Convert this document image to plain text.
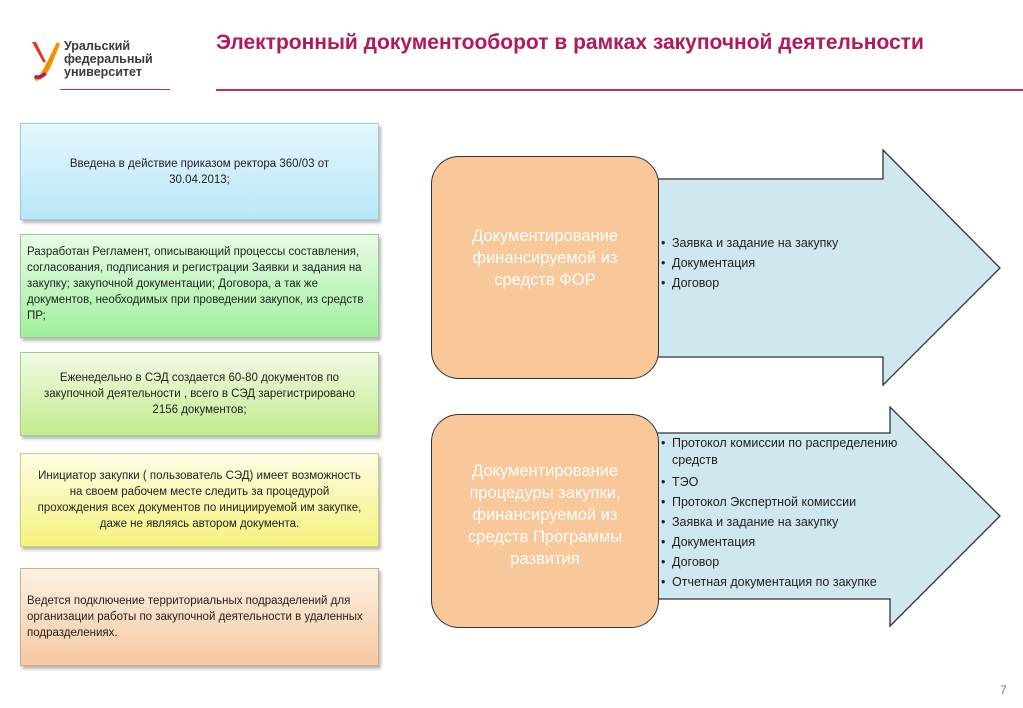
Уральский
федеральный
университет
Электронный документооборот в рамках закупочной деятельности
Введена в действие приказом ректора 360/03 от 30.04.2013;
Разработан Регламент, описывающий процессы составления, согласования, подписания и регистрации Заявки и задания на закупку; закупочной документации; Договора, а так же документов, необходимых при проведении закупок, из средств ПР;
Еженедельно в СЭД создается 60-80 документов по закупочной деятельности , всего в СЭД зарегистрировано 2156 документов;
Инициатор закупки ( пользователь СЭД) имеет возможность на своем рабочем месте следить за процедурой прохождения всех документов по инициируемой им закупке, даже не являясь автором документа.
Ведется подключение территориальных подразделений для организации работы по закупочной деятельности в удаленных подразделениях.
Документирование финансируемой из средств ФОР
• Заявка и задание на закупку
• Документация
• Договор
Документирование процедуры закупки, финансируемой из средств Программы развития
• Протокол комиссии по распределению средств
• ТЭО
• Протокол Экспертной комиссии
• Заявка и задание на закупку
• Документация
• Договор
• Отчетная документация по закупке
7
